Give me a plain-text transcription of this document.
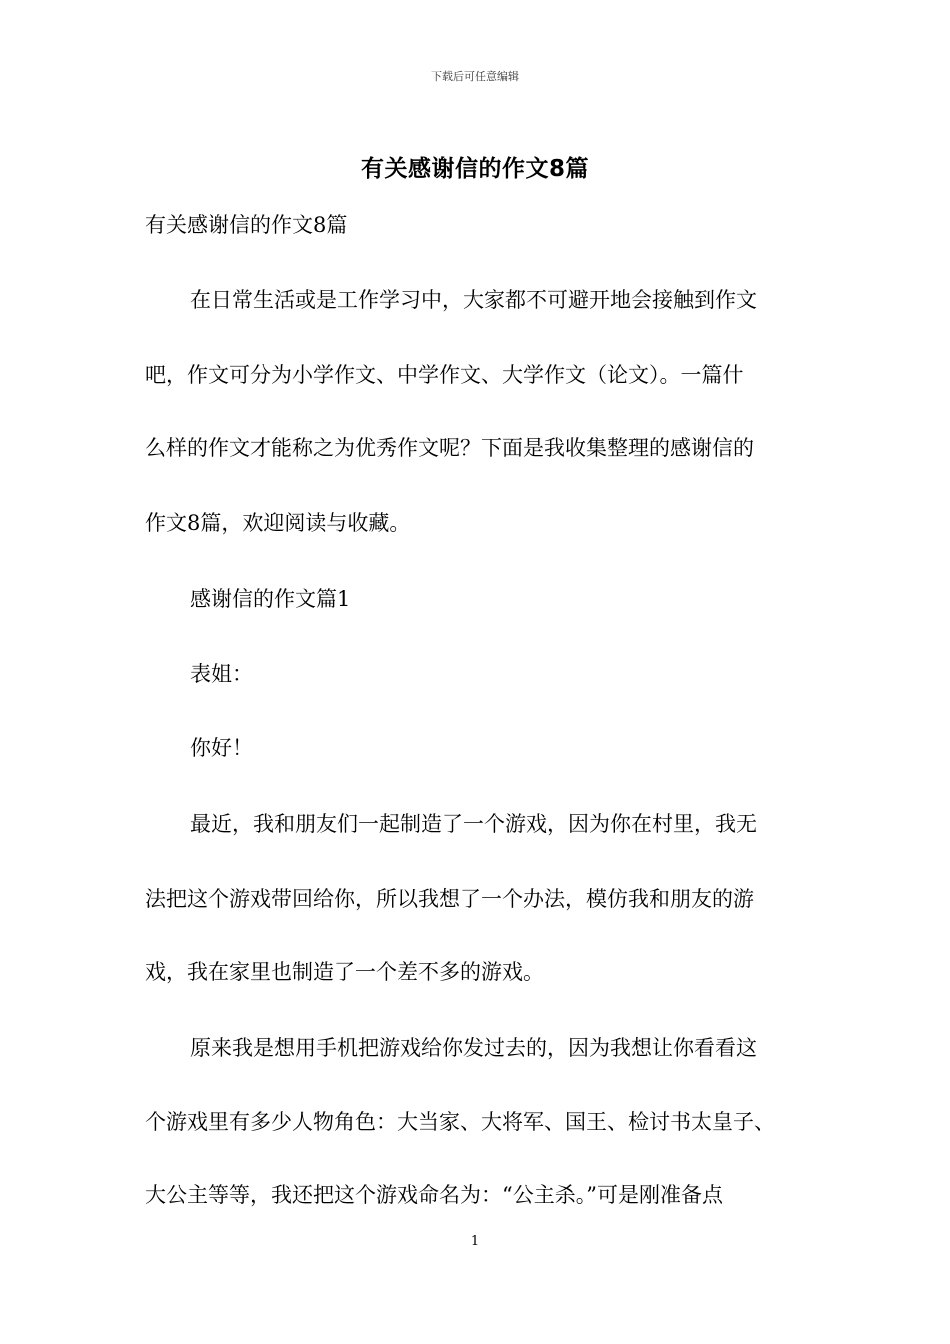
下载后可任意编辑
有关感谢信的作文8篇
有关感谢信的作文8篇
在日常生活或是工作学习中，大家都不可避开地会接触到作文
吧，作文可分为小学作文、中学作文、大学作文（论文）。一篇什
么样的作文才能称之为优秀作文呢？下面是我收集整理的感谢信的
作文8篇，欢迎阅读与收藏。
感谢信的作文篇1
表姐：
你好！
最近，我和朋友们一起制造了一个游戏，因为你在村里，我无
法把这个游戏带回给你，所以我想了一个办法，模仿我和朋友的游
戏，我在家里也制造了一个差不多的游戏。
原来我是想用手机把游戏给你发过去的，因为我想让你看看这
个游戏里有多少人物角色：大当家、大将军、国王、检讨书太皇子、
大公主等等，我还把这个游戏命名为：“公主杀。”可是刚准备点
1
